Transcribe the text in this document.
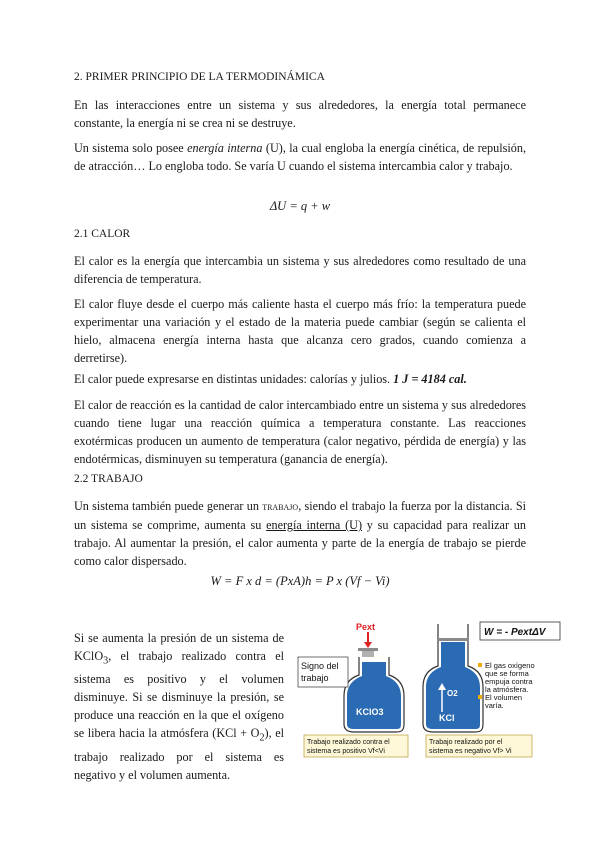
2. PRIMER PRINCIPIO DE LA TERMODINÁMICA

En las interacciones entre un sistema y sus alrededores, la energía total permanece constante, la energía ni se crea ni se destruye.

Un sistema solo posee energía interna (U), la cual engloba la energía cinética, de repulsión, de atracción… Lo engloba todo. Se varía U cuando el sistema intercambia calor y trabajo.

ΔU = q + w

2.1 CALOR

El calor es la energía que intercambia un sistema y sus alrededores como resultado de una diferencia de temperatura.

El calor fluye desde el cuerpo más caliente hasta el cuerpo más frío: la temperatura puede experimentar una variación y el estado de la materia puede cambiar (según se calienta el hielo, almacena energía interna hasta que alcanza cero grados, cuando comienza a derretirse).

El calor puede expresarse en distintas unidades: calorías y julios. 1 J = 4184 cal.

El calor de reacción es la cantidad de calor intercambiado entre un sistema y sus alrededores cuando tiene lugar una reacción química a temperatura constante. Las reacciones exotérmicas producen un aumento de temperatura (calor negativo, pérdida de energía) y las endotérmicas, disminuyen su temperatura (ganancia de energía).

2.2 TRABAJO

Un sistema también puede generar un trabajo, siendo el trabajo la fuerza por la distancia. Si un sistema se comprime, aumenta su energía interna (U) y su capacidad para realizar un trabajo. Al aumentar la presión, el calor aumenta y parte de la energía de trabajo se pierde como calor dispersado.

W = F x d = (PxA)h = P x (Vf − Vi)

Si se aumenta la presión de un sistema de KClO$_3$, el trabajo realizado contra el sistema es positivo y el volumen disminuye. Si se disminuye la presión, se produce una reacción en la que el oxígeno se libera hacia la atmósfera $(KCl + O_2)$, el trabajo realizado por el sistema es negativo y el volumen aumenta.

W = - PextΔV
Pext
Signo del
trabajo
KClO3
O2
KCl
El gas oxígeno
que se forma
empuja contra
la atmósfera.
El volumen
varía.
Trabajo realizado contra el
sistema es positivo Vf<Vi
Trabajo realizado por el
sistema es negativo Vf> Vi
